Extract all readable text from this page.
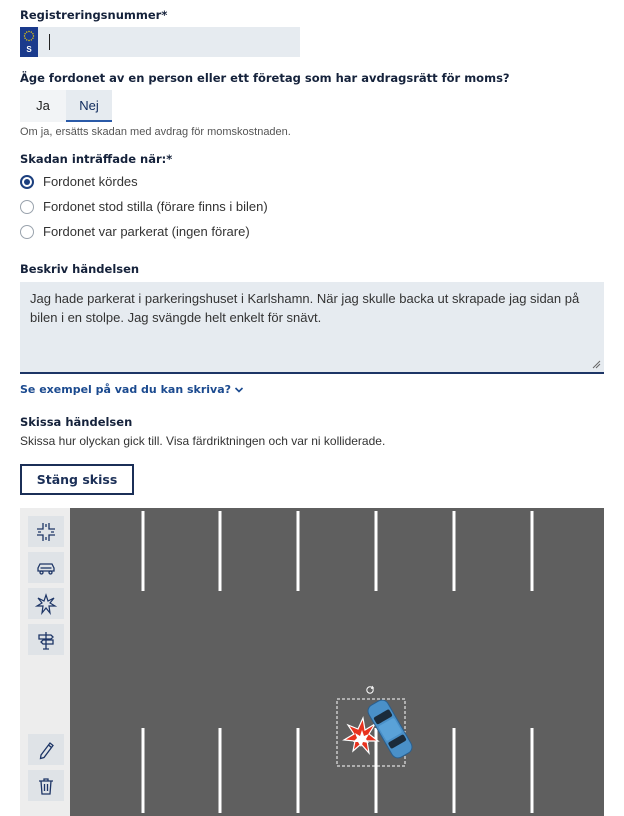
Registreringsnummer*
S
Äge fordonet av en person eller ett företag som har avdragsrätt för moms?
Ja	Nej
Om ja, ersätts skadan med avdrag för momskostnaden.
Skadan inträffade när:*
Fordonet kördes
Fordonet stod stilla (förare finns i bilen)
Fordonet var parkerat (ingen förare)
Beskriv händelsen
Jag hade parkerat i parkeringshuset i Karlshamn. När jag skulle backa ut skrapade jag sidan på bilen i en stolpe. Jag svängde helt enkelt för snävt.
Se exempel på vad du kan skriva?
Skissa händelsen
Skissa hur olyckan gick till. Visa färdriktningen och var ni kolliderade.
Stäng skiss
